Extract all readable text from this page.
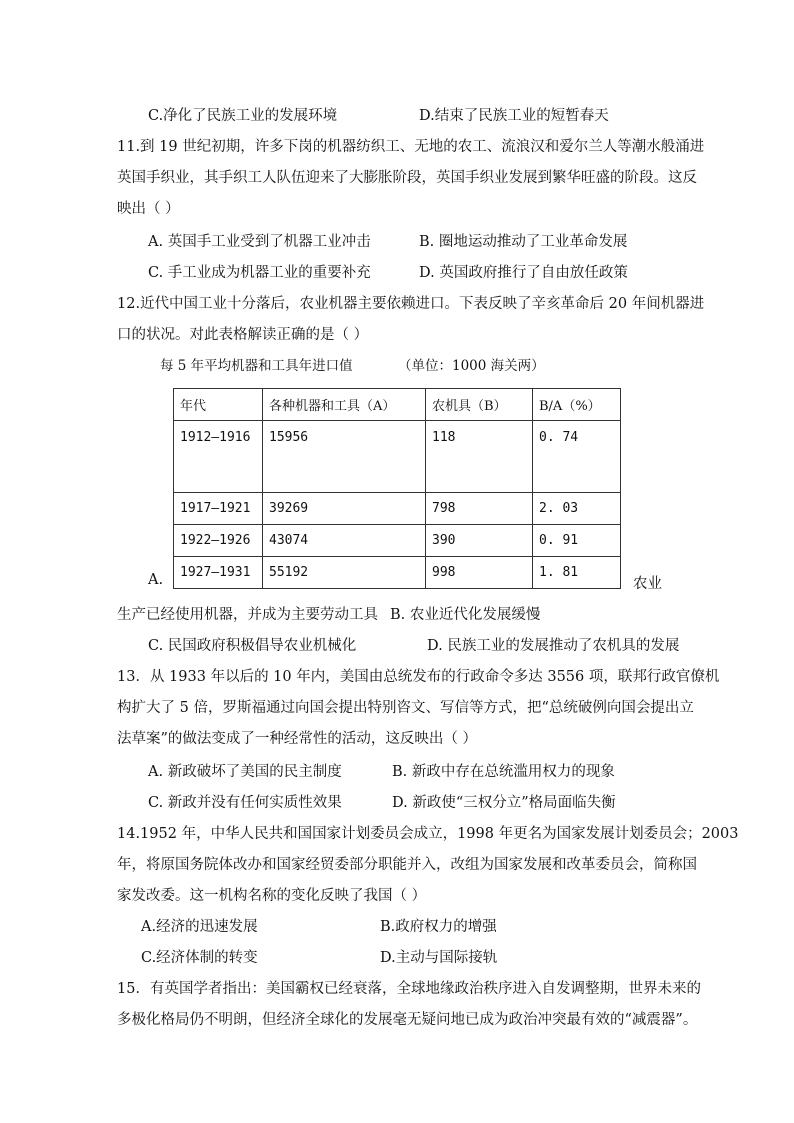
C.净化了民族工业的发展环境	D.结束了民族工业的短暂春天
11.到 19 世纪初期，许多下岗的机器纺织工、无地的农工、流浪汉和爱尔兰人等潮水般涌进
英国手织业，其手织工人队伍迎来了大膨胀阶段，英国手织业发展到繁华旺盛的阶段。这反
映出（ ）
A. 英国手工业受到了机器工业冲击	B. 圈地运动推动了工业革命发展
C. 手工业成为机器工业的重要补充	D. 英国政府推行了自由放任政策
12.近代中国工业十分落后，农业机器主要依赖进口。下表反映了辛亥革命后 20 年间机器进
口的状况。对此表格解读正确的是（ ）
每 5 年平均机器和工具年进口值	（单位：1000 海关两）
年代	各种机器和工具（A）	农机具（B）	B/A（%）
1912—1916	15956	118	0. 74
1917—1921	39269	798	2. 03
1922—1926	43074	390	0. 91
1927—1931	55192	998	1. 81
A.	农业
生产已经使用机器，并成为主要劳动工具 B. 农业近代化发展缓慢
C. 民国政府积极倡导农业机械化	D. 民族工业的发展推动了农机具的发展
13．从 1933 年以后的 10 年内，美国由总统发布的行政命令多达 3556 项，联邦行政官僚机
构扩大了 5 倍，罗斯福通过向国会提出特别咨文、写信等方式，把“总统破例向国会提出立
法草案”的做法变成了一种经常性的活动，这反映出（ ）
A. 新政破坏了美国的民主制度	B. 新政中存在总统滥用权力的现象
C. 新政并没有任何实质性效果	D. 新政使“三权分立”格局面临失衡
14.1952 年，中华人民共和国国家计划委员会成立，1998 年更名为国家发展计划委员会；2003
年，将原国务院体改办和国家经贸委部分职能并入，改组为国家发展和改革委员会，简称国
家发改委。这一机构名称的变化反映了我国（ ）
A.经济的迅速发展	B.政府权力的增强
C.经济体制的转变	D.主动与国际接轨
15．有英国学者指出：美国霸权已经衰落，全球地缘政治秩序进入自发调整期，世界未来的
多极化格局仍不明朗，但经济全球化的发展毫无疑问地已成为政治冲突最有效的“减震器”。
